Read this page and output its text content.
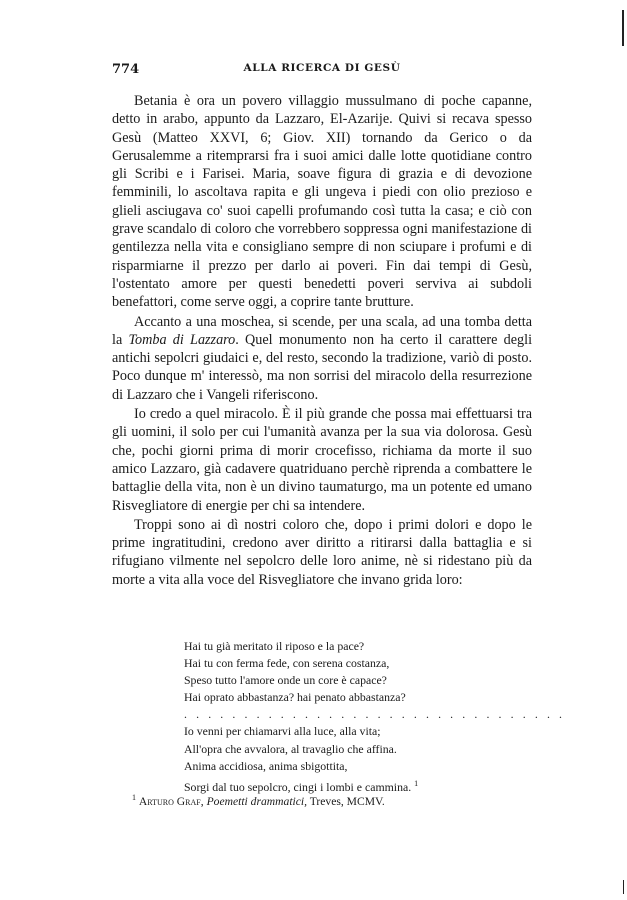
774	ALLA RICERCA DI GESÙ

Betania è ora un povero villaggio mussulmano di poche capanne, detto in arabo, appunto da Lazzaro, El-Azarije. Quivi si recava spesso Gesù (Matteo XXVI, 6; Giov. XII) tornando da Gerico o da Gerusalemme a ritemprarsi fra i suoi amici dalle lotte quotidiane contro gli Scribi e i Farisei. Maria, soave figura di grazia e di devozione femminili, lo ascoltava rapita e gli ungeva i piedi con olio prezioso e glieli asciugava co' suoi capelli profumando così tutta la casa; e ciò con grave scandalo di coloro che vorrebbero soppressa ogni manifestazione di gentilezza nella vita e consigliano sempre di non sciupare i profumi e di risparmiarne il prezzo per darlo ai poveri. Fin dai tempi di Gesù, l'ostentato amore per questi benedetti poveri serviva ai subdoli benefattori, come serve oggi, a coprire tante brutture.

Accanto a una moschea, si scende, per una scala, ad una tomba detta la Tomba di Lazzaro. Quel monumento non ha certo il carattere degli antichi sepolcri giudaici e, del resto, secondo la tradizione, variò di posto. Poco dunque m' interessò, ma non sorrisi del miracolo della resurrezione di Lazzaro che i Vangeli riferiscono.

Io credo a quel miracolo. È il più grande che possa mai effettuarsi tra gli uomini, il solo per cui l'umanità avanza per la sua via dolorosa. Gesù che, pochi giorni prima di morir crocefisso, richiama da morte il suo amico Lazzaro, già cadavere quatriduano perchè riprenda a combattere le battaglie della vita, non è un divino taumaturgo, ma un potente ed umano Risvegliatore di energie per chi sa intendere.

Troppi sono ai dì nostri coloro che, dopo i primi dolori e dopo le prime ingratitudini, credono aver diritto a ritirarsi dalla battaglia e si rifugiano vilmente nel sepolcro delle loro anime, nè si ridestano più da morte a vita alla voce del Risvegliatore che invano grida loro:

Hai tu già meritato il riposo e la pace?
Hai tu con ferma fede, con serena costanza,
Speso tutto l'amore onde un core è capace?
Hai oprato abbastanza? hai penato abbastanza?
. . . . . . . . . . . . . . . . . . . . . . . . . . . . . . . .
Io venni per chiamarvi alla luce, alla vita;
All'opra che avvalora, al travaglio che affina.
Anima accidiosa, anima sbigottita,
Sorgi dal tuo sepolcro, cingi i lombi e cammina. $^1$
$^1$ Arturo Graf, Poemetti drammatici, Treves, MCMV.
